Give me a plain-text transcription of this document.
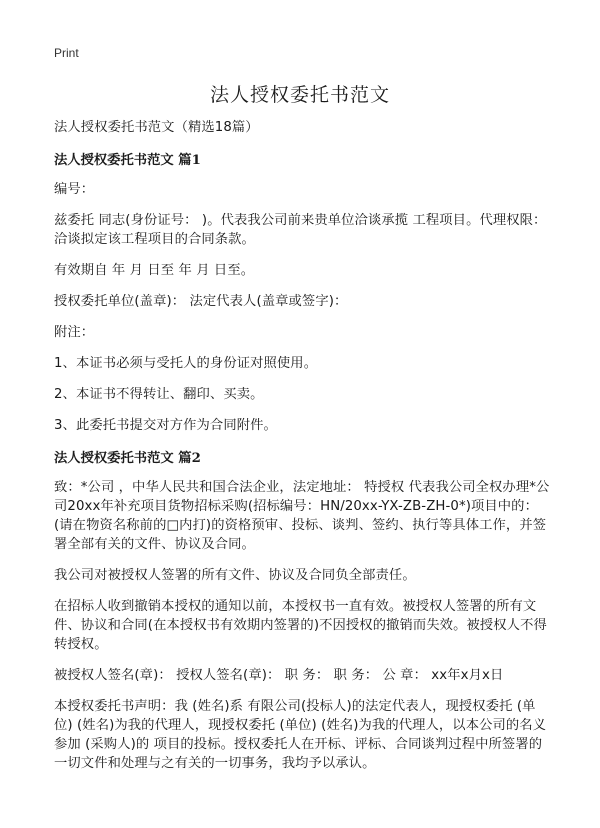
Print
法人授权委托书范文
法人授权委托书范文（精选18篇）
法人授权委托书范文 篇1
编号：
兹委托 同志(身份证号： )。代表我公司前来贵单位洽谈承揽 工程项目。代理权限：洽谈拟定该工程项目的合同条款。
有效期自 年 月 日至 年 月 日至。
授权委托单位(盖章)： 法定代表人(盖章或签字)：
附注：
1、本证书必须与受托人的身份证对照使用。
2、本证书不得转让、翻印、买卖。
3、此委托书提交对方作为合同附件。
法人授权委托书范文 篇2
致：*公司 ，中华人民共和国合法企业，法定地址： 特授权 代表我公司全权办理*公司20xx年补充项目货物招标采购(招标编号：HN/20xx-YX-ZB-ZH-0*)项目中的：(请在物资名称前的□内打)的资格预审、投标、谈判、签约、执行等具体工作，并签署全部有关的文件、协议及合同。
我公司对被授权人签署的所有文件、协议及合同负全部责任。
在招标人收到撤销本授权的通知以前，本授权书一直有效。被授权人签署的所有文件、协议和合同(在本授权书有效期内签署的)不因授权的撤销而失效。被授权人不得转授权。
被授权人签名(章)： 授权人签名(章)： 职 务： 职 务： 公 章： xx年x月x日
本授权委托书声明：我 (姓名)系 有限公司(投标人)的法定代表人，现授权委托 (单位) (姓名)为我的代理人，现授权委托 (单位) (姓名)为我的代理人，以本公司的名义参加 (采购人)的 项目的投标。授权委托人在开标、评标、合同谈判过程中所签署的一切文件和处理与之有关的一切事务，我均予以承认。
